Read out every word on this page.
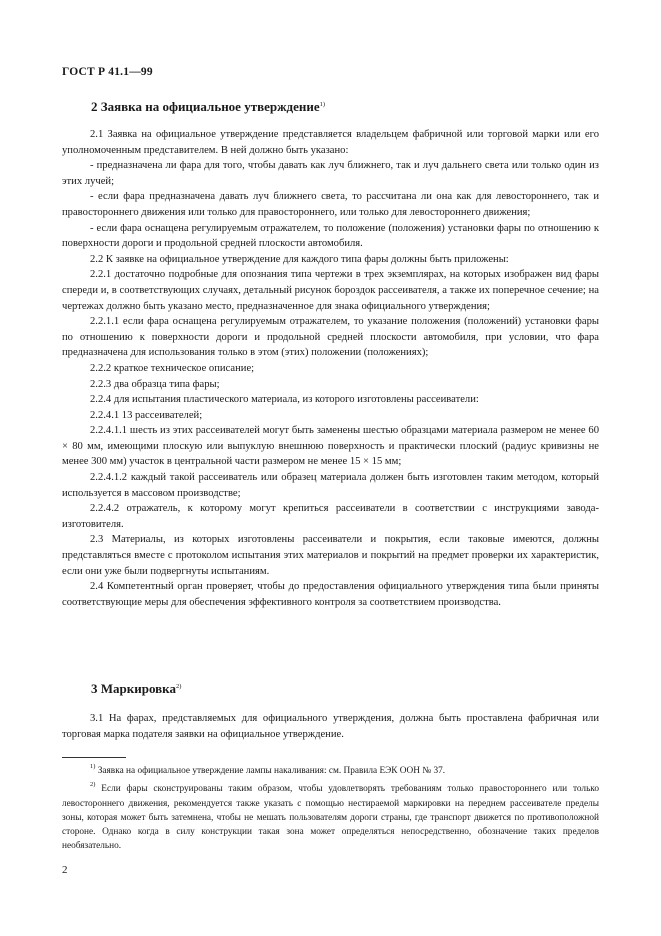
ГОСТ Р 41.1—99
2 Заявка на официальное утверждение$^{1)}$

2.1 Заявка на официальное утверждение представляется владельцем фабричной или торговой марки или его уполномоченным представителем. В ней должно быть указано:

- предназначена ли фара для того, чтобы давать как луч ближнего, так и луч дальнего света или только один из этих лучей;

- если фара предназначена давать луч ближнего света, то рассчитана ли она как для левостороннего, так и правостороннего движения или только для правостороннего, или только для левостороннего движения;

- если фара оснащена регулируемым отражателем, то положение (положения) установки фары по отношению к поверхности дороги и продольной средней плоскости автомобиля.

2.2 К заявке на официальное утверждение для каждого типа фары должны быть приложены:

2.2.1 достаточно подробные для опознания типа чертежи в трех экземплярах, на которых изображен вид фары спереди и, в соответствующих случаях, детальный рисунок бороздок рассеивателя, а также их поперечное сечение; на чертежах должно быть указано место, предназначенное для знака официального утверждения;

2.2.1.1 если фара оснащена регулируемым отражателем, то указание положения (положений) установки фары по отношению к поверхности дороги и продольной средней плоскости автомобиля, при условии, что фара предназначена для использования только в этом (этих) положении (положениях);

2.2.2 краткое техническое описание;

2.2.3 два образца типа фары;

2.2.4 для испытания пластического материала, из которого изготовлены рассеиватели:

2.2.4.1 13 рассеивателей;

2.2.4.1.1 шесть из этих рассеивателей могут быть заменены шестью образцами материала размером не менее 60 × 80 мм, имеющими плоскую или выпуклую внешнюю поверхность и практически плоский (радиус кривизны не менее 300 мм) участок в центральной части размером не менее 15 × 15 мм;

2.2.4.1.2 каждый такой рассеиватель или образец материала должен быть изготовлен таким методом, который используется в массовом производстве;

2.2.4.2 отражатель, к которому могут крепиться рассеиватели в соответствии с инструкциями завода-изготовителя.

2.3 Материалы, из которых изготовлены рассеиватели и покрытия, если таковые имеются, должны представляться вместе с протоколом испытания этих материалов и покрытий на предмет проверки их характеристик, если они уже были подвергнуты испытаниям.

2.4 Компетентный орган проверяет, чтобы до предоставления официального утверждения типа были приняты соответствующие меры для обеспечения эффективного контроля за соответствием производства.

3 Маркировка$^{2)}$

3.1 На фарах, представляемых для официального утверждения, должна быть проставлена фабричная или торговая марка подателя заявки на официальное утверждение.

$^{1)}$ Заявка на официальное утверждение лампы накаливания: см. Правила ЕЭК ООН № 37.

$^{2)}$ Если фары сконструированы таким образом, чтобы удовлетворять требованиям только правостороннего или только левостороннего движения, рекомендуется также указать с помощью нестираемой маркировки на переднем рассеивателе пределы зоны, которая может быть затемнена, чтобы не мешать пользователям дороги страны, где транспорт движется по противоположной стороне. Однако когда в силу конструкции такая зона может определяться непосредственно, обозначение таких пределов необязательно.

2
